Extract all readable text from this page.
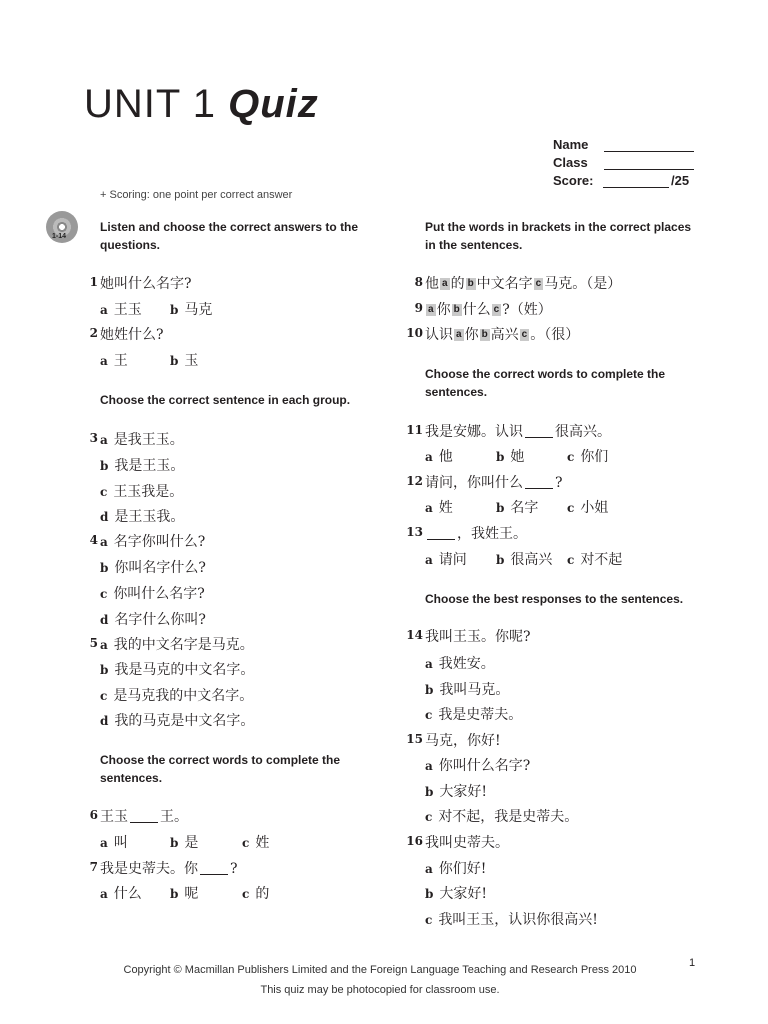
UNIT 1 Quiz
Name
Class
Score:	/25
+ Scoring: one point per correct answer
1-14
Listen and choose the correct answers to the questions.
1 她叫什么名字?
a 王玉 b 马克
2 她姓什么?
a 王	b 玉
Choose the correct sentence in each group.
3 a 是我王玉。
b 我是王玉。
c 王玉我是。
d 是王玉我。
4 a 名字你叫什么?
b 你叫名字什么?
c 你叫什么名字?
d 名字什么你叫?
5 a 我的中文名字是马克。
b 我是马克的中文名字。
c 是马克我的中文名字。
d 我的马克是中文名字。
Choose the correct words to complete the sentences.
6 王玉 王。
a 叫	b 是	c 姓
7 我是史蒂夫。你 ?
a 什么 b 呢	c 的
Put the words in brackets in the correct places in the sentences.
8 他 a 的 b 中文名字 c 马克。（是）
9 a 你 b 什么 c ?（姓）
10 认识 a 你 b 高兴 c 。（很）
Choose the correct words to complete the sentences.
11 我是安娜。认识 很高兴。
a 他	b 她	c 你们
12 请问，你叫什么 ?
a 姓	b 名字 c 小姐
13 ，我姓王。
a 请问 b 很高兴 c 对不起
Choose the best responses to the sentences.
14 我叫王玉。你呢?
a 我姓安。
b 我叫马克。
c 我是史蒂夫。
15 马克，你好!
a 你叫什么名字?
b 大家好!
c 对不起，我是史蒂夫。
16 我叫史蒂夫。
a 你们好!
b 大家好!
c 我叫王玉，认识你很高兴!
1
Copyright © Macmillan Publishers Limited and the Foreign Language Teaching and Research Press 2010
This quiz may be photocopied for classroom use.
